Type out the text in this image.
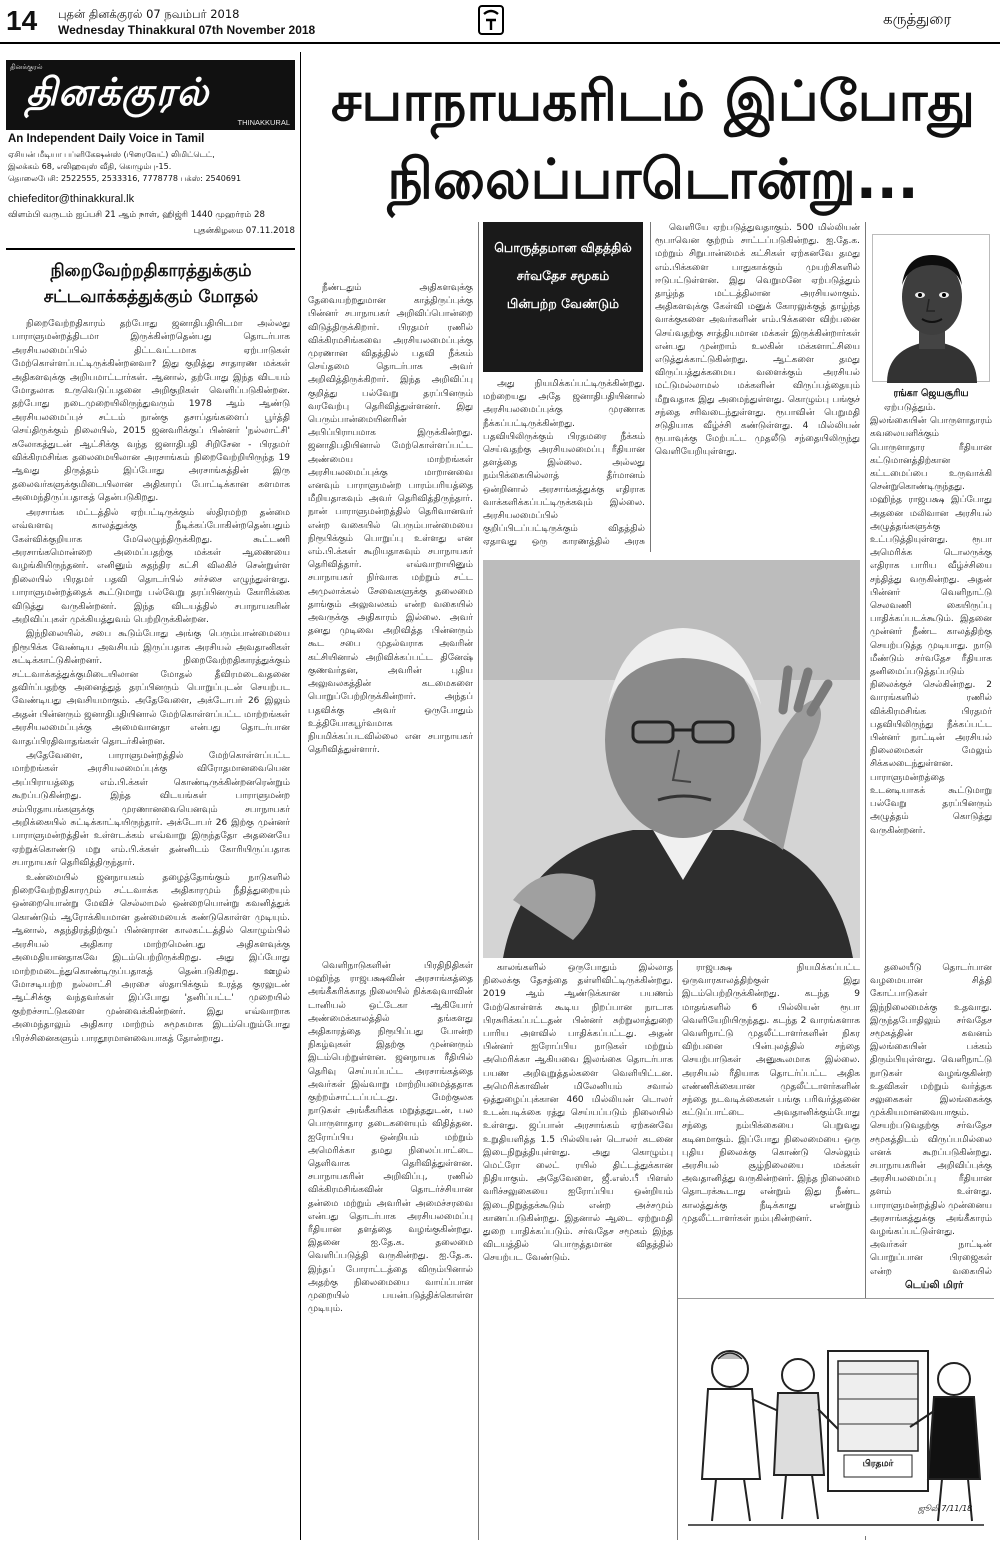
14 புதன் தினக்குரல் 07 நவம்பர் 2018
Wednesday Thinakkural 07th November 2018
கருத்துரை
தினக்குரல்
தினக்குரல்
THINAKKURAL
An Independent Daily Voice in Tamil
ஏசியன் மீடியா பப்ளிகேஷன்ஸ் (பிரைவேட்) லிமிட்டெட்,
இலக்கம் 68, எலிஹவுஸ் வீதி, கொழும்பு-15.
தொலைபேசி: 2522555, 2533316, 7778778 பக்ஸ்: 2540691
chiefeditor@thinakkural.lk
விளம்பி வருடம் ஐப்பசி 21 ஆம் நாள், ஹிஜ்ரி 1440 முஹர்ரம் 28
புதன்கிழமை 07.11.2018
நிறைவேற்றதிகாரத்துக்கும் சட்டவாக்கத்துக்கும் மோதல்

நிறைவேற்றதிகாரம் தற்போது ஜனாதிபதியிடமா அல்லது பாராளுமன்றத்திடமா இருக்கின்றதென்பது தொடர்பாக அரசியலமைப்பில் திட்டவட்டமாக ஏற்பாடுகள் மேற்கொள்ளப்பட்டிருக்கின்றனவா? இது குறித்து சாதாரண மக்கள் அதிகளவுக்கு அறியமாட்டார்கள். ஆனால், தற்போது இந்த விடயம் மோதலாக உருவெடுப்பதனை அறிகுறிகள் வெளிப்படுகின்றன. தற்போது நடைமுறையிலிருந்துவரும் 1978 ஆம் ஆண்டு அரசியலமைப்புச் சட்டம் நான்கு தசாப்தங்களைப் பூர்த்தி செய்திருக்கும் நிலையில், 2015 ஜனவரிக்குப் பின்னர் 'நல்லாட்சி' சுலோகத்துடன் ஆட்சிக்கு வந்த ஜனாதிபதி சிறிசேன - பிரதமர் விக்கிரமசிங்க தலைமையிலான அரசாங்கம் நிறைவேற்றியிருந்த 19 ஆவது திருத்தம் இப்போது அரசாங்கத்தின் இரு தலைவர்களுக்குமிடையிலான அதிகாரப் போட்டிக்கான களமாக அமைந்திருப்பதாகத் தென்படுகிறது.

அரசாங்க மட்டத்தில் ஏற்பட்டிருக்கும் ஸ்திரமற்ற தன்மை எவ்வளவு காலத்துக்கு நீடிக்கப்போகின்றதென்பதும் கேள்விக்குறியாக மேலெழுந்திருக்கிறது. கூட்டணி அரசாங்கமொன்றை அமைப்பதற்கு மக்கள் ஆணையை வழங்கியிருந்தனர். எனினும் சுதந்திர கட்சி விலகிச் சென்றுள்ள நிலையில் பிரதமர் பதவி தொடர்பில் சர்ச்சை எழுந்துள்ளது. பாராளுமன்றத்தைக் கூட்டுமாறு பல்வேறு தரப்பினரும் கோரிக்கை விடுத்து வருகின்றனர். இந்த விடயத்தில் சபாநாயகரின் அறிவிப்புகள் முக்கியத்துவம் பெற்றிருக்கின்றன.

இந்நிலையில், சபை கூடும்போது அங்கு பெரும்பான்மையை நிரூபிக்க வேண்டிய அவசியம் இருப்பதாக அரசியல் அவதானிகள் சுட்டிக்காட்டுகின்றனர். நிறைவேற்றதிகாரத்துக்கும் சட்டவாக்கத்துக்குமிடையிலான மோதல் தீவிரமடைவதனை தவிர்ப்பதற்கு அனைத்துத் தரப்பினரும் பொறுப்புடன் செயற்பட வேண்டியது அவசியமாகும். அதேவேளை, அக்டோபர் 26 இலும் அதன் பின்னரும் ஜனாதிபதியினால் மேற்கொள்ளப்பட்ட மாற்றங்கள் அரசியலமைப்புக்கு அமைவானதா என்பது தொடர்பான வாதப்பிரதிவாதங்கள் தொடர்கின்றன.

அதேவேளை, பாராளுமன்றத்தில் மேற்கொள்ளப்பட்ட மாற்றங்கள் அரசியலமைப்புக்கு விரோதமானவையென அப்பிராயத்தை எம்.பி.க்கள் கொண்டிருக்கின்றனரென்றும் கூறப்படுகின்றது. இந்த விடயங்கள் பாராளுமன்ற சம்பிரதாயங்களுக்கு முரணானவையெனவும் சபாநாயகர் அறிக்கையில் சுட்டிக்காட்டியிருந்தார். அக்டோபர் 26 இற்கு முன்னர் பாராளுமன்றத்தின் உள்ளடக்கம் எவ்வாறு இருந்ததோ அதனையே ஏற்றுக்கொண்டு மறு எம்.பி.க்கள் தன்னிடம் கோரியிருப்பதாக சபாநாயகர் தெரிவித்திருந்தார்.

உண்மையில் ஜனநாயகம் தழைத்தோங்கும் நாடுகளில் நிறைவேற்றதிகாரமும் சட்டவாக்க அதிகாரமும் நீதித்துறையும் ஒன்றையொன்று மேவிச் செல்லாமல் ஒன்றையொன்று கவனித்துக் கொண்டும் ஆரோக்கியமான தன்மையைக் கண்டுகொள்ள முடியும். ஆனால், சுதந்திரத்திற்குப் பின்னரான காலகட்டத்தில் கொழும்பில் அரசியல் அதிகார மாற்றமென்பது அதிகளவுக்கு அமைதியானதாகவே இடம்பெற்றிருக்கிறது. அது இப்போது மாற்றமடைந்துகொண்டிருப்பதாகத் தென்படுகிறது. ஊழல் மோசடியற்ற நல்லாட்சி அரசை ஸ்தாபிக்கும் உரத்த குரலுடன் ஆட்சிக்கு வந்தவர்கள் இப்போது 'தனிப்பட்ட' முறையில் குற்றச்சாட்டுகளை முன்வைக்கின்றனர். இது எவ்வாறாக அமைந்தாலும் அதிகார மாற்றம் சுமூகமாக இடம்பெறும்போது பிரச்சினைகளும் பாரதூரமானவையாகத் தோன்றாது.

சபாநாயகரிடம் இப்போது நிலைப்பாடொன்று...
பொருத்தமான விதத்தில் சர்வதேச சமூகம் பின்பற்ற வேண்டும்
ரங்கா ஜெயசூரிய

நீண்டதும் அதிகளவுக்கு தேவையற்றதுமான காத்திருப்புக்கு பின்னர் சபாநாயகர் அறிவிப்பொன்றை விடுத்திருக்கிறார். பிரதமர் ரணில் விக்கிரமசிங்கவை அரசியலமைப்புக்கு முரணான விதத்தில் பதவி நீக்கம் செய்தமை தொடர்பாக அவர் அறிவித்திருக்கிறார். இந்த அறிவிப்பு குறித்து பல்வேறு தரப்பினரும் வரவேற்பு தெரிவித்துள்ளனர். இது பெரும்பான்மையினரின் அபிப்பிராயமாக இருக்கின்றது. ஜனாதிபதியினால் மேற்கொள்ளப்பட்ட அண்மைய மாற்றங்கள் அரசியலமைப்புக்கு மாறானவை எனவும் பாராளுமன்ற பாரம்பரியத்தை மீறியதாகவும் அவர் தெரிவித்திருந்தார். நான் பாராளுமன்றத்தில் தெரிவானவர் என்ற வகையில் பெரும்பான்மையை நிரூபிக்கும் பொறுப்பு உள்ளது என எம்.பி.க்கள் கூறியதாகவும் சபாநாயகர் தெரிவித்தார். எவ்வாறாயினும் சபாநாயகர் நிர்வாக மற்றும் சட்ட அமுலாக்கல் சேவைகளுக்கு தலைமை தாங்கும் அலுவலகம் என்ற வகையில் அவருக்கு அதிகாரம் இல்லை. அவர் தனது முடிவை அறிவித்த பின்னரும் கூட சபை முதல்வராக அவரின் கட்சியினால் அறிவிக்கப்பட்ட தினேஷ் குணவர்தன, அவரின் புதிய அலுவலகத்தின் கடமைகளை பொறுப்பேற்றிருக்கின்றார். அந்தப் பதவிக்கு அவர் ஒருபோதும் உத்தியோகபூர்வமாக நியமிக்கப்படவில்லை என சபாநாயகர் தெரிவித்துள்ளார்.

வெளிநாடுகளின் பிரதிநிதிகள் மஹிந்த ராஜபக்ஷவின் அரசாங்கத்தை அங்கீகரிக்காத நிலையில் நிக்கவுவாவின் டானியல் ஒட்டேகா ஆகியோர் அண்மைக்காலத்தில் தங்களது அதிகாரத்தை நிரூபிப்பது போன்ற நிகழ்வுகள் இதற்கு முன்னரும் இடம்பெற்றுள்ளன. ஜனநாயக ரீதியில் தெரிவு செய்யப்பட்ட அரசாங்கத்தை அவர்கள் இவ்வாறு மாற்றியமைத்ததாக குற்றம்சாட்டப்பட்டது. மேற்குலக நாடுகள் அங்கீகரிக்க மறுத்ததுடன், பல பொருளாதார தடைகளையும் விதித்தன. ஐரோப்பிய ஒன்றியம் மற்றும் அமெரிக்கா தமது நிலைப்பாட்டை தெளிவாக தெரிவித்துள்ளன. சபாநாயகரின் அறிவிப்பு, ரணில் விக்கிரமசிங்கவின் தொடர்ச்சியான தன்மை மற்றும் அவரின் அமைச்சரவை என்பது தொடர்பாக அரசியலமைப்பு ரீதியான தளத்தை வழங்குகின்றது. இதனை ஐ.தே.க. தலைமை வெளிப்படுத்தி வருகின்றது. ஐ.தே.க. இந்தப் போராட்டத்தை விரும்பினால் அதற்கு நிலைமையை வாய்ப்பான முறையில் பயன்படுத்திக்கொள்ள முடியும்.

அது நியமிக்கப்பட்டிருக்கின்றது. மற்றையது அதே ஜனாதிபதியினால் அரசியலமைப்புக்கு முரணாக நீக்கப்பட்டிருக்கின்றது. பதவியிலிருக்கும் பிரதமரை நீக்கம் செய்வதற்கு அரசியலமைப்பு ரீதியான தளத்தை இல்லை. அல்லது நம்பிக்கையில்லாத் தீர்மானம் ஒன்றினால் அரசாங்கத்துக்கு எதிராக வாக்களிக்கப்பட்டிருக்கவும் இல்லை. அரசியலமைப்பில் குறிப்பிடப்பட்டிருக்கும் விதத்தில் ஏதாவது ஒரு காரணத்தில் அரசு

வெளியே ஏற்படுத்துவதாகும். 500 மில்லியன் ரூபாவென குற்றம் சாட்டப்படுகின்றது. ஐ.தே.க. மற்றும் சிறுபான்மைக் கட்சிகள் ஏற்கனவே தமது எம்.பிக்களை பாதுகாக்கும் முயற்சிகளில் ஈடுபட்டுள்ளன. இது வெறுமனே ஏற்படுத்தும் தாழ்ந்த மட்டத்திலான அரசியலாகும். அதிகளவுக்கு கேள்வி மனுக் கோரலுக்குத் தாழ்ந்த வாக்குகளை அவர்களின் எம்.பிக்களை விற்பனை செய்வதற்கு சாத்தியமான மக்கள் இருக்கின்றார்கள் என்பது முன்றாம் உலகின் மக்களாட்சியை எடுத்துக்காட்டுகின்றது. ஆட்களை தமது விருப்பத்துக்கமைய வளைக்கும் அரசியல் மட்டுமல்லாமல் மக்களின் விருப்பத்தையும் மீறுவதாக இது அமைந்துள்ளது. கொழும்பு பங்குச் சந்தை சரிவடைந்துள்ளது. ரூபாவின் பெறுமதி சடுதியாக வீழ்ச்சி கண்டுள்ளது. 4 மில்லியன் ரூபாவுக்கு மேற்பட்ட முதலீடு சந்தையிலிருந்து வெளியேறியுள்ளது.

ஏற்படுத்தும். இலங்கையின் பொருளாதாரம் கவலையளிக்கும் பொருளாதார ரீதியான கட்டுமானத்திற்கான கட்டமைப்பை உருவாக்கி சென்றுகொண்டிருந்தது. மஹிந்த ராஜபக்ஷ இப்போது அதனை மலிவான அரசியல் அழுத்தங்களுக்கு உட்படுத்தியுள்ளது. ரூபா அமெரிக்க டொலருக்கு எதிராக பாரிய வீழ்ச்சியை சந்தித்து வருகின்றது. அதன் பின்னர் வெளிநாட்டு செலவணி கையிருப்பு பாதிக்கப்படக்கூடும். இதனை முன்னர் நீண்ட காலத்திற்கு செயற்படுத்த முடியாது. நாடு மீண்டும் சர்வதேச ரீதியாக தனிமைப்படுத்தப்படும் நிலைக்குச் செல்கின்றது. 2 வாரங்களில் ரணில் விக்கிரமசிங்க பிரதமர் பதவியிலிருந்து நீக்கப்பட்ட பின்னர் நாட்டின் அரசியல் நிலைமைகள் மேலும் சிக்கலடைந்துள்ளன. பாராளுமன்றத்தை உடனடியாகக் கூட்டுமாறு பல்வேறு தரப்பினரும் அழுத்தம் கொடுத்து வருகின்றனர்.

காலங்களில் ஒருபோதும் இல்லாத நிலைக்கு தேசத்தை தள்ளிவிட்டிருக்கின்றது. 2019 ஆம் ஆண்டுக்கான பயணம் மேற்கொள்ளக் கூடிய நிறப்பான நாடாக பிரசுரிக்கப்பட்டதன் பின்னர் சுற்றுலாத்துறை பாரிய அளவில் பாதிக்கப்பட்டது. அதன் பின்னர் ஐரோப்பிய நாடுகள் மற்றும் அமெரிக்கா ஆகியவை இலங்கை தொடர்பாக பயண அறிவுறுத்தல்களை வெளியிட்டன. அமெரிக்காவின் மிலேனியம் சவால் ஒத்துழைப்புக்கான 460 மில்லியன் டொலர் உடன்படிக்கை ரத்து செய்யப்படும் நிலையில் உள்ளது. ஜப்பான் அரசாங்கம் ஏற்கனவே உறுதியளித்த 1.5 பில்லியன் டொலர் கடனை இடைநிறுத்தியுள்ளது. அது கொழும்பு மெட்ரோ லைட் ரயில் திட்டத்துக்கான நிதியாகும். அதேவேளை, ஜீ.எஸ்.பீ பிளஸ் வரிச்சலுகையை ஐரோப்பிய ஒன்றியம் இடைநிறுத்தக்கூடும் என்ற அச்சமும் காணப்படுகின்றது. இதனால் ஆடை ஏற்றுமதி துறை பாதிக்கப்படும். சர்வதேச சமூகம் இந்த விடயத்தில் பொருத்தமான விதத்தில் செயற்பட வேண்டும்.

ராஜபக்ஷ நியமிக்கப்பட்ட ஒருவாரகாலத்திற்குள் இது இடம்பெற்றிருக்கின்றது. கடந்த 9 மாதங்களில் 6 பில்லியன் ரூபா வெளியேறியிருந்தது. கடந்த 2 வாரங்களாக வெளிநாட்டு முதலீட்டாளர்களின் நிகர விற்பனை பின்புலத்தில் சந்தை செயற்பாடுகள் அனுகூலமாக இல்லை. அரசியல் ரீதியாக தொடர்ப்பட்ட அதிக எண்ணிக்கையான முதலீட்டாளர்களின் சந்தை நடவடிக்கைகள் பங்கு பரிவர்த்தனை கட்டுப்பாட்டை அவதானிக்கும்போது சந்தை நம்பிக்கையை பெறுவது கடினமாகும். இப்போது நிலைமையை ஒரு புதிய நிலைக்கு கொண்டு செல்லும் அரசியல் சூழ்நிலையை மக்கள் அவதானித்து வருகின்றனர். இந்த நிலைமை தொடரக்கூடாது என்றும் இது நீண்ட காலத்துக்கு நீடிக்காது என்றும் முதலீட்டாளர்கள் நம்புகின்றனர்.

தலையீடு தொடர்பான வழமையான சித்தி கோட்பாடுகள் இந்நிலைமைக்கு உதவாது. இருந்தபோதிலும் சர்வதேச சமூகத்தின் கவனம் இலங்கையின் பக்கம் திரும்பியுள்ளது. வெளிநாட்டு நாடுகள் வழங்குகின்ற உதவிகள் மற்றும் வர்த்தக சலுகைகள் இலங்கைக்கு முக்கியமானவையாகும். செயற்படுவதற்கு சர்வதேச சமூகத்திடம் விருப்பமில்லை எனக் கூறப்படுகின்றது. சபாநாயகரின் அறிவிப்புக்கு அரசியலமைப்பு ரீதியான தளம் உள்ளது. பாராளுமன்றத்தில் முன்னைய அரசாங்கத்துக்கு அங்கீகாரம் வழங்கப்பட்டுள்ளது. அவர்கள் நாட்டின் பொறுப்பான பிரஜைகள் என்ற வகையில்

டெய்லி மிரர்
பிரதமர்
ஜூலி 7/11/18
